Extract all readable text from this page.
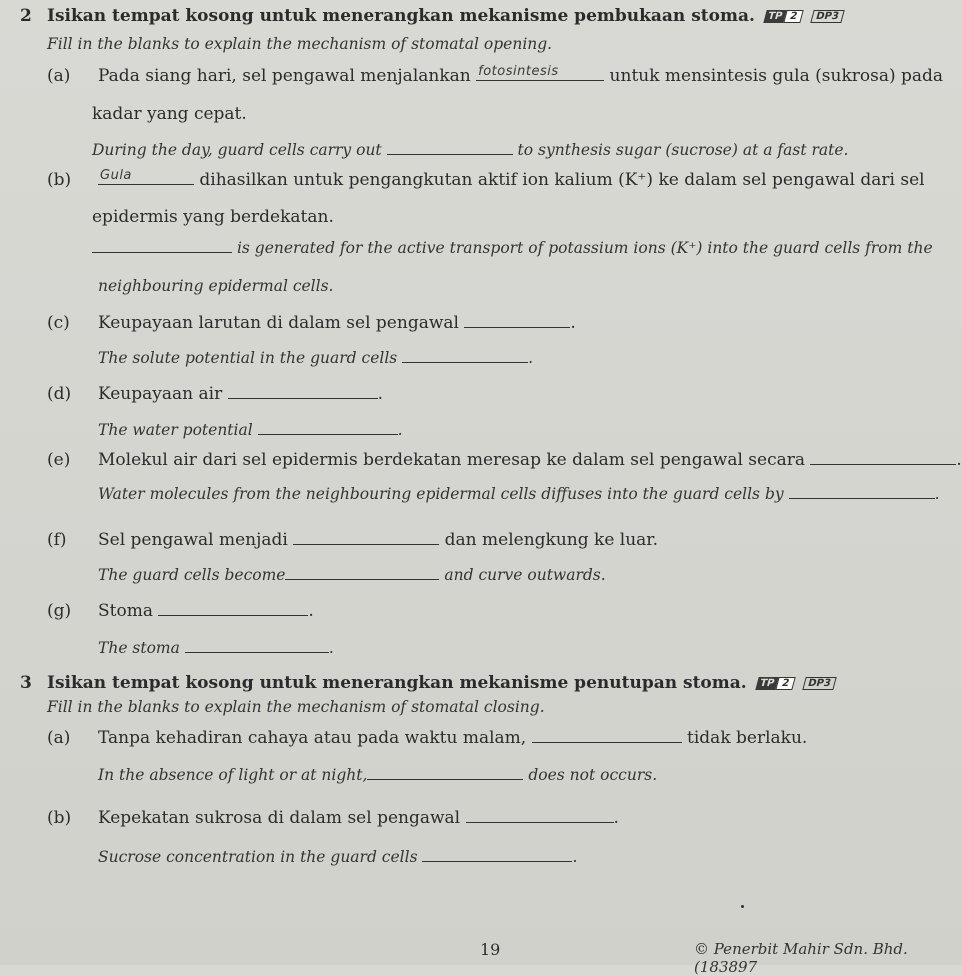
2 Isikan tempat kosong untuk menerangkan mekanisme pembukaan stoma. TP 2 DP3
Fill in the blanks to explain the mechanism of stomatal opening.
(a) Pada siang hari, sel pengawal menjalankan fotosintesis	untuk mensintesis gula (sukrosa) pada
kadar yang cepat.
During the day, guard cells carry out	to synthesis sugar (sucrose) at a fast rate.
(b) Gula	dihasilkan untuk pengangkutan aktif ion kalium (K⁺) ke dalam sel pengawal dari sel
epidermis yang berdekatan.
is generated for the active transport of potassium ions (K⁺) into the guard cells from the
neighbouring epidermal cells.
(c) Keupayaan larutan di dalam sel pengawal	.
The solute potential in the guard cells	.
(d) Keupayaan air	.
The water potential	.
(e) Molekul air dari sel epidermis berdekatan meresap ke dalam sel pengawal secara	.
Water molecules from the neighbouring epidermal cells diffuses into the guard cells by	.
(f) Sel pengawal menjadi	dan melengkung ke luar.
The guard cells become	and curve outwards.
(g) Stoma	.
The stoma	.
3 Isikan tempat kosong untuk menerangkan mekanisme penutupan stoma. TP 2 DP3
Fill in the blanks to explain the mechanism of stomatal closing.
(a) Tanpa kehadiran cahaya atau pada waktu malam,	tidak berlaku.
In the absence of light or at night,	does not occurs.
(b) Kepekatan sukrosa di dalam sel pengawal	.
Sucrose concentration in the guard cells	.
19	© Penerbit Mahir Sdn. Bhd. (183897
